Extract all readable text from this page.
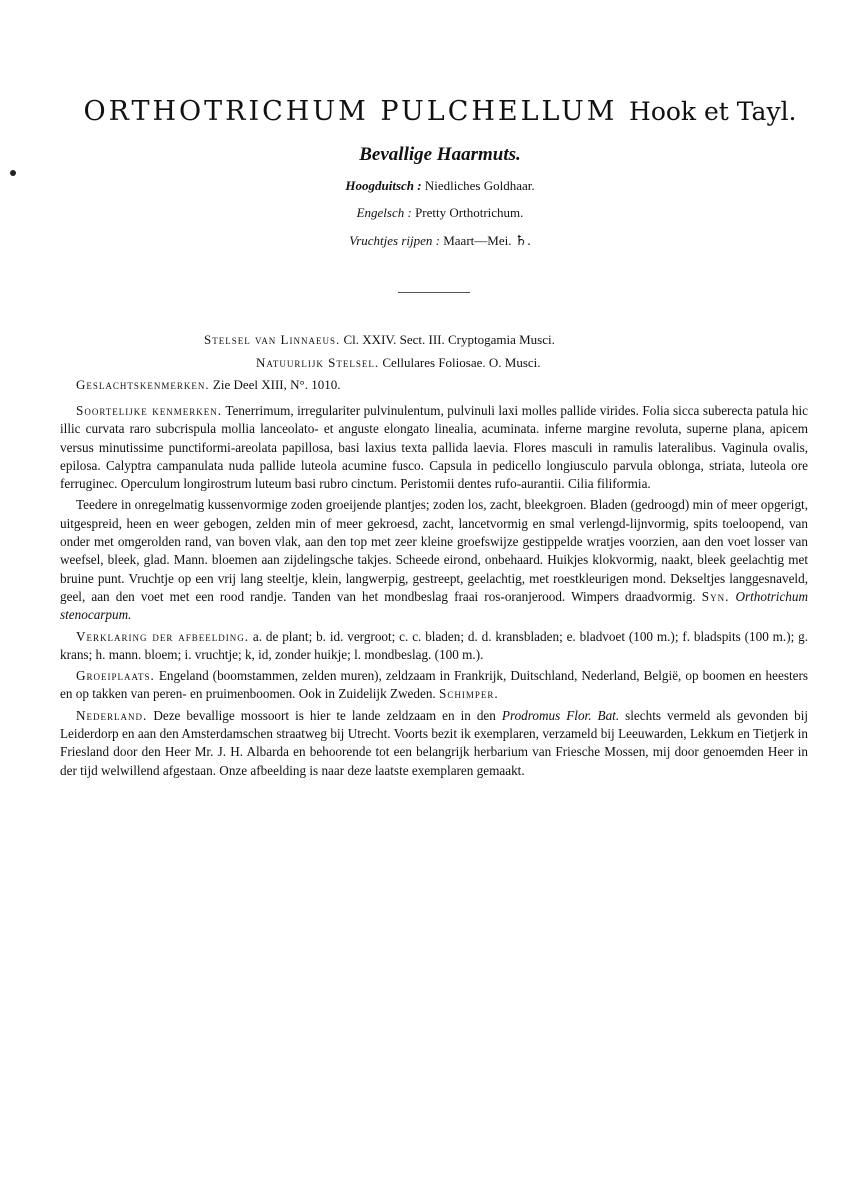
ORTHOTRICHUM PULCHELLUM Hook et Tayl.
Bevallige Haarmuts.
Hoogduitsch : Niedliches Goldhaar.
Engelsch : Pretty Orthotrichum.
Vruchtjes rijpen : Maart—Mei. ♄.
Stelsel van Linnaeus. Cl. XXIV. Sect. III. Cryptogamia Musci.
Natuurlijk Stelsel. Cellulares Foliosae. O. Musci.
Geslachtskenmerken. Zie Deel XIII, N°. 1010.

Soortelijke kenmerken. Tenerrimum, irregulariter pulvinulentum, pulvinuli laxi molles pallide virides. Folia sicca suberecta patula hic illic curvata raro subcrispula mollia lanceolato- et anguste elongato linealia, acuminata. inferne margine revoluta, superne plana, apicem versus minutissime punctiformi-areolata papillosa, basi laxius texta pallida laevia. Flores masculi in ramulis lateralibus. Vaginula ovalis, epilosa. Calyptra campanulata nuda pallide luteola acumine fusco. Capsula in pedicello longiusculo parvula oblonga, striata, luteola ore ferruginec. Operculum longirostrum luteum basi rubro cinctum. Peristomii dentes rufo-aurantii. Cilia filiformia.

Teedere in onregelmatig kussenvormige zoden groeijende plantjes; zoden los, zacht, bleekgroen. Bladen (gedroogd) min of meer opgerigt, uitgespreid, heen en weer gebogen, zelden min of meer gekroesd, zacht, lancetvormig en smal verlengd-lijnvormig, spits toeloopend, van onder met omgerolden rand, van boven vlak, aan den top met zeer kleine groefswijze gestippelde wratjes voorzien, aan den voet losser van weefsel, bleek, glad. Mann. bloemen aan zijdelingsche takjes. Scheede eirond, onbehaard. Huikjes klokvormig, naakt, bleek geelachtig met bruine punt. Vruchtje op een vrij lang steeltje, klein, langwerpig, gestreept, geelachtig, met roestkleurigen mond. Dekseltjes langgesnaveld, geel, aan den voet met een rood randje. Tanden van het mondbeslag fraai ros-oranjerood. Wimpers draadvormig. Syn. Orthotrichum stenocarpum.

Verklaring der afbeelding. a. de plant; b. id. vergroot; c. c. bladen; d. d. kransbladen; e. bladvoet (100 m.); f. bladspits (100 m.); g. krans; h. mann. bloem; i. vruchtje; k, id, zonder huikje; l. mondbeslag. (100 m.).

Groeiplaats. Engeland (boomstammen, zelden muren), zeldzaam in Frankrijk, Duitschland, Nederland, België, op boomen en heesters en op takken van peren- en pruimenboomen. Ook in Zuidelijk Zweden. Schimper.

Nederland. Deze bevallige mossoort is hier te lande zeldzaam en in den Prodromus Flor. Bat. slechts vermeld als gevonden bij Leiderdorp en aan den Amsterdamschen straatweg bij Utrecht. Voorts bezit ik exemplaren, verzameld bij Leeuwarden, Lekkum en Tietjerk in Friesland door den Heer Mr. J. H. Albarda en behoorende tot een belangrijk herbarium van Friesche Mossen, mij door genoemden Heer in der tijd welwillend afgestaan. Onze afbeelding is naar deze laatste exemplaren gemaakt.
